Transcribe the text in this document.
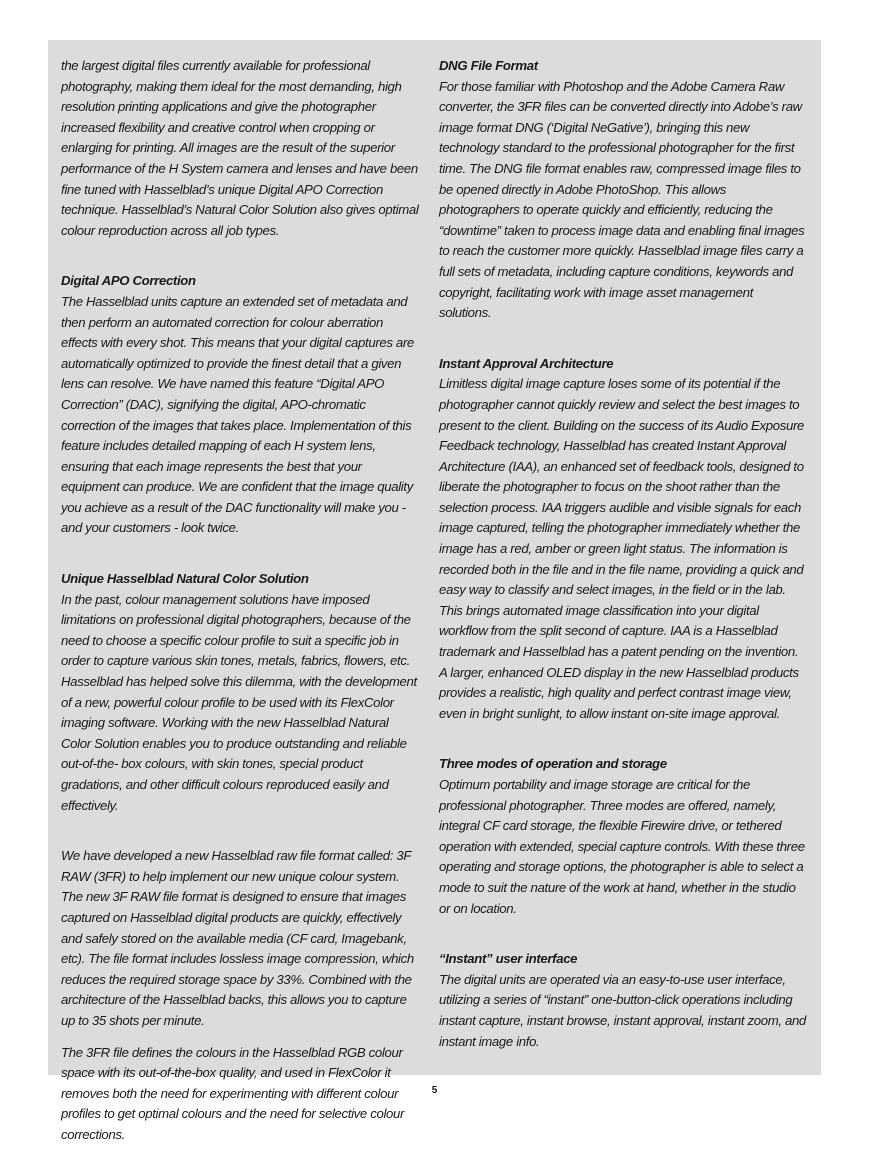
the largest digital files currently available for professional photography, making them ideal for the most demanding, high resolution printing applications and give the photographer increased flexibility and creative control when cropping or enlarging for printing. All images are the result of the superior performance of the H System camera and lenses and have been fine tuned with Hasselblad’s unique Digital APO Correction technique. Hasselblad’s Natural Color Solution also gives optimal colour reproduction across all job types.

Digital APO Correction

The Hasselblad units capture an extended set of metadata and then perform an automated correction for colour aberration effects with every shot. This means that your digital captures are automatically optimized to provide the finest detail that a given lens can resolve. We have named this feature “Digital APO Correction” (DAC), signifying the digital, APO-chromatic correction of the images that takes place. Implementation of this feature includes detailed mapping of each H system lens, ensuring that each image represents the best that your equipment can produce. We are confident that the image quality you achieve as a result of the DAC functionality will make you - and your customers - look twice.

Unique Hasselblad Natural Color Solution

In the past, colour management solutions have imposed limitations on professional digital photographers, because of the need to choose a specific colour profile to suit a specific job in order to capture various skin tones, metals, fabrics, flowers, etc. Hasselblad has helped solve this dilemma, with the development of a new, powerful colour profile to be used with its FlexColor imaging software. Working with the new Hasselblad Natural Color Solution enables you to produce outstanding and reliable out-of-the- box colours, with skin tones, special product gradations, and other difficult colours reproduced easily and effectively.

We have developed a new Hasselblad raw file format called: 3F RAW (3FR) to help implement our new unique colour system. The new 3F RAW file format is designed to ensure that images captured on Hasselblad digital products are quickly, effectively and safely stored on the available media (CF card, Imagebank, etc). The file format includes lossless image compression, which reduces the required storage space by 33%. Combined with the architecture of the Hasselblad backs, this allows you to capture up to 35 shots per minute.

The 3FR file defines the colours in the Hasselblad RGB colour space with its out-of-the-box quality, and used in FlexColor it removes both the need for experimenting with different colour profiles to get optimal colours and the need for selective colour corrections.

DNG File Format

For those familiar with Photoshop and the Adobe Camera Raw converter, the 3FR files can be converted directly into Adobe’s raw image format DNG (‘Digital NeGative’), bringing this new technology standard to the professional photographer for the first time. The DNG file format enables raw, compressed image files to be opened directly in Adobe PhotoShop. This allows photographers to operate quickly and efficiently, reducing the “downtime” taken to process image data and enabling final images to reach the customer more quickly. Hasselblad image files carry a full sets of metadata, including capture conditions, keywords and copyright, facilitating work with image asset management solutions.

Instant Approval Architecture

Limitless digital image capture loses some of its potential if the photographer cannot quickly review and select the best images to present to the client. Building on the success of its Audio Exposure Feedback technology, Hasselblad has created Instant Approval Architecture (IAA), an enhanced set of feedback tools, designed to liberate the photographer to focus on the shoot rather than the selection process. IAA triggers audible and visible signals for each image captured, telling the photographer immediately whether the image has a red, amber or green light status. The information is recorded both in the file and in the file name, providing a quick and easy way to classify and select images, in the field or in the lab. This brings automated image classification into your digital workflow from the split second of capture. IAA is a Hasselblad trademark and Hasselblad has a patent pending on the invention. A larger, enhanced OLED display in the new Hasselblad products provides a realistic, high quality and perfect contrast image view, even in bright sunlight, to allow instant on-site image approval.

Three modes of operation and storage

Optimum portability and image storage are critical for the professional photographer. Three modes are offered, namely, integral CF card storage, the flexible Firewire drive, or tethered operation with extended, special capture controls. With these three operating and storage options, the photographer is able to select a mode to suit the nature of the work at hand, whether in the studio or on location.

“Instant” user interface

The digital units are operated via an easy-to-use user interface, utilizing a series of “instant” one-button-click operations including instant capture, instant browse, instant approval, instant zoom, and instant image info.

5
